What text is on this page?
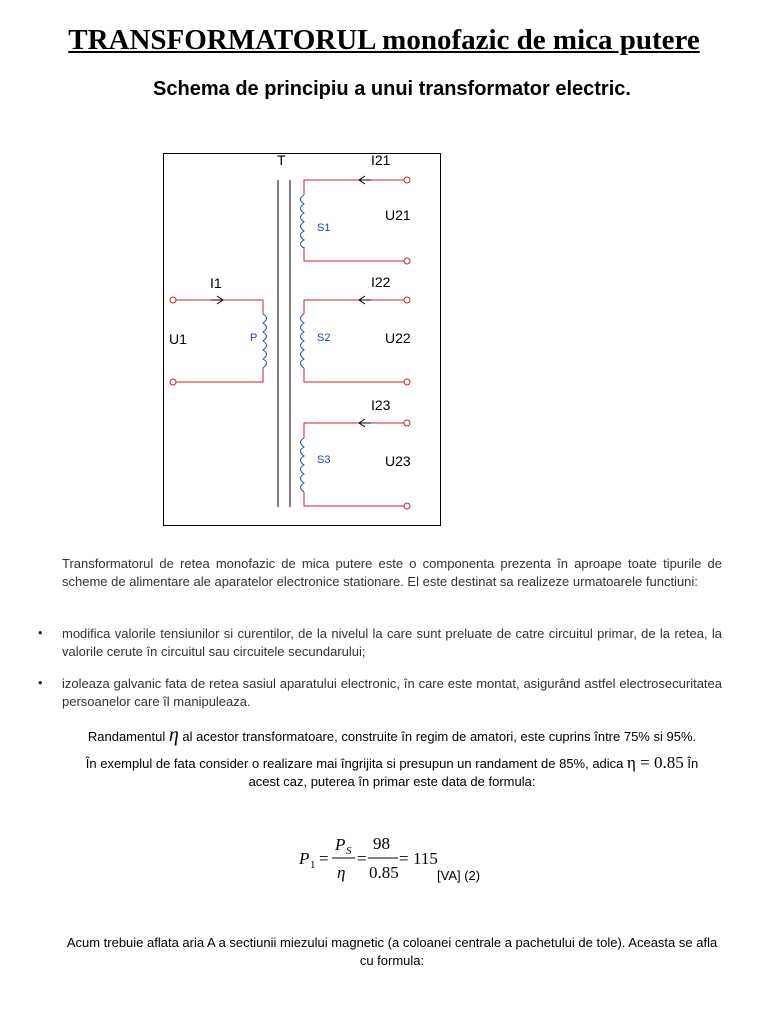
TRANSFORMATORUL monofazic de mica putere
Schema de principiu a unui transformator electric.
T
I1
U1	P
I21
U21
S1
I22
U22
S2
I23
U23
S3

Transformatorul de retea monofazic de mica putere este o componenta prezenta în aproape toate tipurile de scheme de alimentare ale aparatelor electronice stationare. El este destinat sa realizeze urmatoarele functiuni:

• modifica valorile tensiunilor si curentilor, de la nivelul la care sunt preluate de catre circuitul primar, de la retea, la valorile cerute în circuitul sau circuitele secundarului;

• izoleaza galvanic fata de retea sasiul aparatului electronic, în care este montat, asigurând astfel electrosecuritatea persoanelor care îl manipuleaza.

Randamentul η al acestor transformatoare, construite în regim de amatori, este cuprins între 75% si 95%.

În exemplul de fata consider o realizare mai îngrijita si presupun un randament de 85%, adica η = 0.85 În
acest caz, puterea în primar este data de formula:

P 1 =
P S
η
=
98
0.85
= 115
[VA] (2)

Acum trebuie aflata aria A a sectiunii miezului magnetic (a coloanei centrale a pachetului de tole). Aceasta se afla cu formula:
